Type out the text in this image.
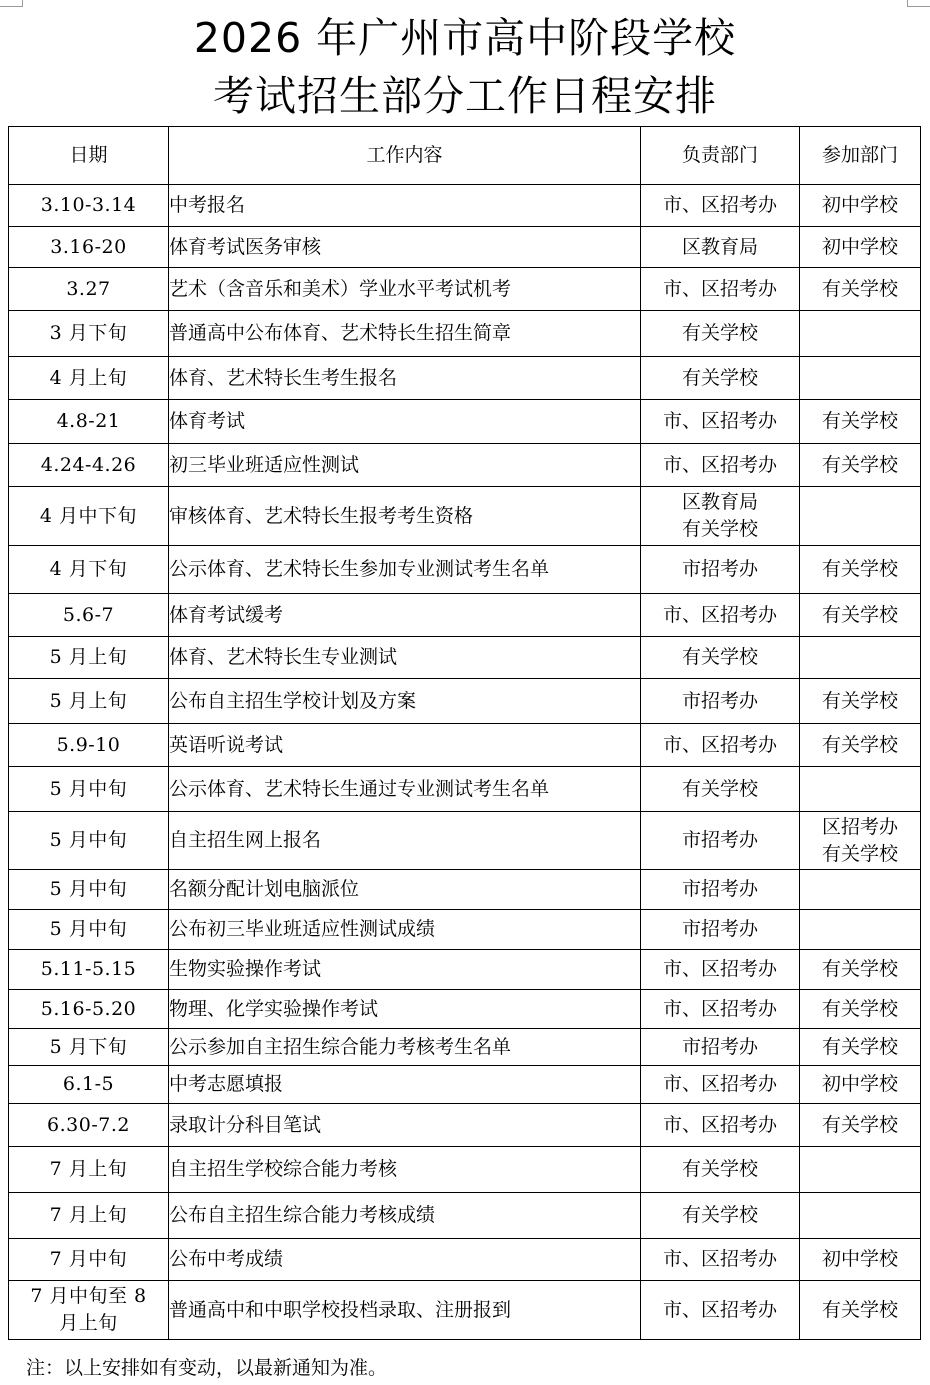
2026 年广州市高中阶段学校
考试招生部分工作日程安排
日期	工作内容	负责部门	参加部门
3.10-3.14	中考报名	市、区招考办	初中学校
3.16-20	体育考试医务审核	区教育局	初中学校
3.27	艺术（含音乐和美术）学业水平考试机考	市、区招考办	有关学校
3 月下旬	普通高中公布体育、艺术特长生招生简章	有关学校	
4 月上旬	体育、艺术特长生考生报名	有关学校	
4.8-21	体育考试	市、区招考办	有关学校
4.24-4.26	初三毕业班适应性测试	市、区招考办	有关学校
4 月中下旬	审核体育、艺术特长生报考考生资格	区教育局
有关学校	
4 月下旬	公示体育、艺术特长生参加专业测试考生名单	市招考办	有关学校
5.6-7	体育考试缓考	市、区招考办	有关学校
5 月上旬	体育、艺术特长生专业测试	有关学校	
5 月上旬	公布自主招生学校计划及方案	市招考办	有关学校
5.9-10	英语听说考试	市、区招考办	有关学校
5 月中旬	公示体育、艺术特长生通过专业测试考生名单	有关学校	
5 月中旬	自主招生网上报名	市招考办	区招考办
有关学校
5 月中旬	名额分配计划电脑派位	市招考办	
5 月中旬	公布初三毕业班适应性测试成绩	市招考办	
5.11-5.15	生物实验操作考试	市、区招考办	有关学校
5.16-5.20	物理、化学实验操作考试	市、区招考办	有关学校
5 月下旬	公示参加自主招生综合能力考核考生名单	市招考办	有关学校
6.1-5	中考志愿填报	市、区招考办	初中学校
6.30-7.2	录取计分科目笔试	市、区招考办	有关学校
7 月上旬	自主招生学校综合能力考核	有关学校	
7 月上旬	公布自主招生综合能力考核成绩	有关学校	
7 月中旬	公布中考成绩	市、区招考办	初中学校
7 月中旬至 8
月上旬	普通高中和中职学校投档录取、注册报到	市、区招考办	有关学校

注：以上安排如有变动，以最新通知为准。
